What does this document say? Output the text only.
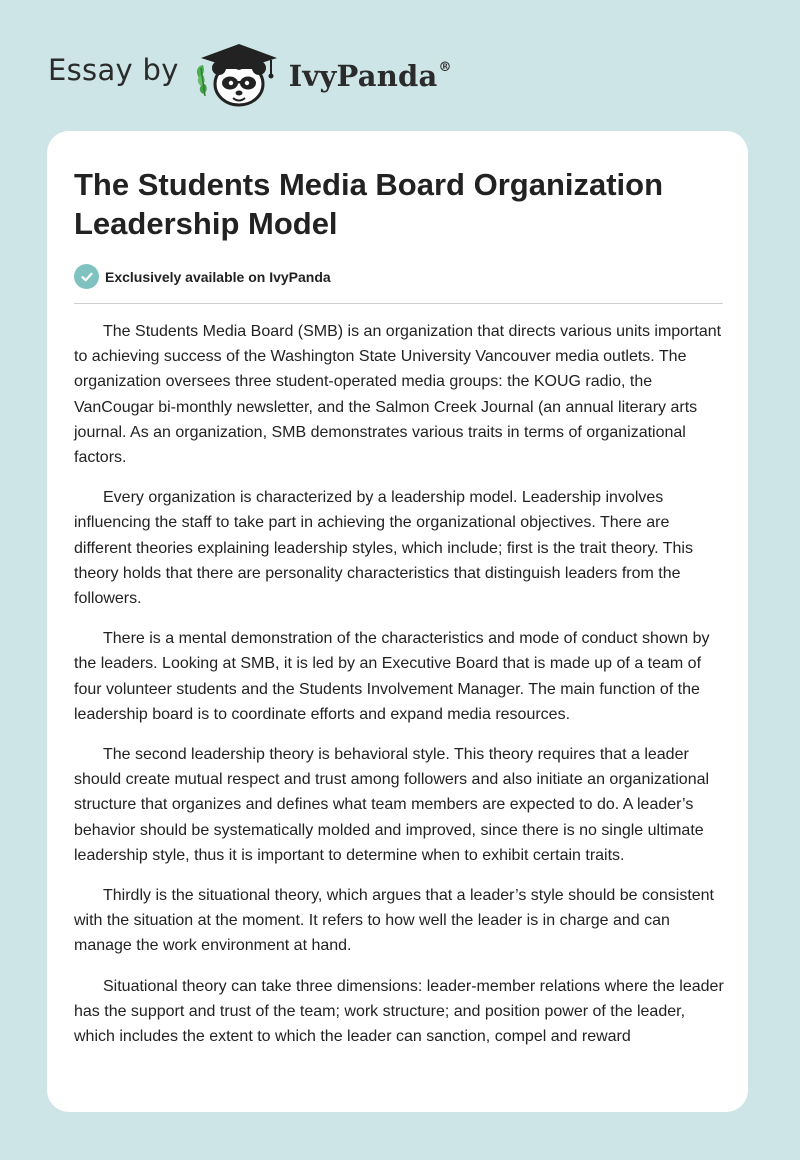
Essay by	IvyPanda®
The Students Media Board Organization Leadership Model
Exclusively available on IvyPanda

The Students Media Board (SMB) is an organization that directs various units important to achieving success of the Washington State University Vancouver media outlets. The organization oversees three student-operated media groups: the KOUG radio, the VanCougar bi-monthly newsletter, and the Salmon Creek Journal (an annual literary arts journal. As an organization, SMB demonstrates various traits in terms of organizational factors.

Every organization is characterized by a leadership model. Leadership involves influencing the staff to take part in achieving the organizational objectives. There are different theories explaining leadership styles, which include; first is the trait theory. This theory holds that there are personality characteristics that distinguish leaders from the followers.

There is a mental demonstration of the characteristics and mode of conduct shown by the leaders. Looking at SMB, it is led by an Executive Board that is made up of a team of four volunteer students and the Students Involvement Manager. The main function of the leadership board is to coordinate efforts and expand media resources.

The second leadership theory is behavioral style. This theory requires that a leader should create mutual respect and trust among followers and also initiate an organizational structure that organizes and defines what team members are expected to do. A leader’s behavior should be systematically molded and improved, since there is no single ultimate leadership style, thus it is important to determine when to exhibit certain traits.

Thirdly is the situational theory, which argues that a leader’s style should be consistent with the situation at the moment. It refers to how well the leader is in charge and can manage the work environment at hand.

Situational theory can take three dimensions: leader-member relations where the leader has the support and trust of the team; work structure; and position power of the leader, which includes the extent to which the leader can sanction, compel and reward
